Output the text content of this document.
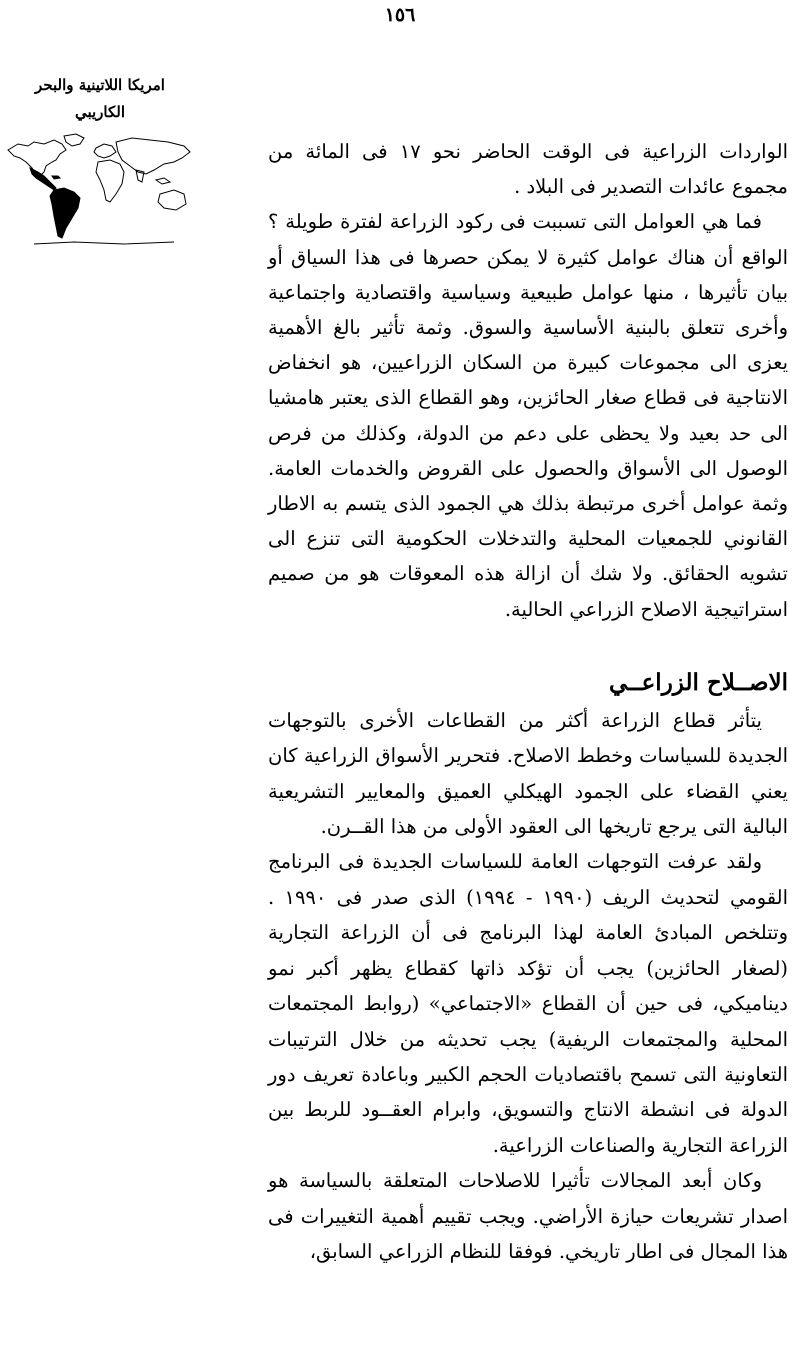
١٥٦
امريكا اللاتينية والبحر
الكاريبي

الواردات الزراعية فى الوقت الحاضر نحو ١٧ فى المائة من مجموع عائدات التصدير فى البلاد .

فما هي العوامل التى تسببت فى ركود الزراعة لفترة طويلة ؟ الواقع أن هناك عوامل كثيرة لا يمكن حصرها فى هذا السياق أو بيان تأثيرها ، منها عوامل طبيعية وسياسية واقتصادية واجتماعية وأخرى تتعلق بالبنية الأساسية والسوق. وثمة تأثير بالغ الأهمية يعزى الى مجموعات كبيرة من السكان الزراعيين، هو انخفاض الانتاجية فى قطاع صغار الحائزين، وهو القطاع الذى يعتبر هامشيا الى حد بعيد ولا يحظى على دعم من الدولة، وكذلك من فرص الوصول الى الأسواق والحصول على القروض والخدمات العامة. وثمة عوامل أخرى مرتبطة بذلك هي الجمود الذى يتسم به الاطار القانوني للجمعيات المحلية والتدخلات الحكومية التى تنزع الى تشويه الحقائق. ولا شك أن ازالة هذه المعوقات هو من صميم استراتيجية الاصلاح الزراعي الحالية.

الاصــلاح الزراعــي

يتأثر قطاع الزراعة أكثر من القطاعات الأخرى بالتوجهات الجديدة للسياسات وخطط الاصلاح. فتحرير الأسواق الزراعية كان يعني القضاء على الجمود الهيكلي العميق والمعايير التشريعية البالية التى يرجع تاريخها الى العقود الأولى من هذا القــرن.

ولقد عرفت التوجهات العامة للسياسات الجديدة فى البرنامج القومي لتحديث الريف (١٩٩٠ - ١٩٩٤) الذى صدر فى ١٩٩٠ . وتتلخص المبادئ العامة لهذا البرنامج فى أن الزراعة التجارية (لصغار الحائزين) يجب أن تؤكد ذاتها كقطاع يظهر أكبر نمو دينامیكي، فى حين أن القطاع «الاجتماعي» (روابط المجتمعات المحلية والمجتمعات الريفية) يجب تحديثه من خلال الترتيبات التعاونية التى تسمح باقتصاديات الحجم الكبير وباعادة تعريف دور الدولة فى انشطة الانتاج والتسويق، وابرام العقــود للربط بين الزراعة التجارية والصناعات الزراعية.

وكان أبعد المجالات تأثيرا للاصلاحات المتعلقة بالسياسة هو اصدار تشريعات حيازة الأراضي. ويجب تقييم أهمية التغييرات فى هذا المجال فى اطار تاريخي. فوفقا للنظام الزراعي السابق،
